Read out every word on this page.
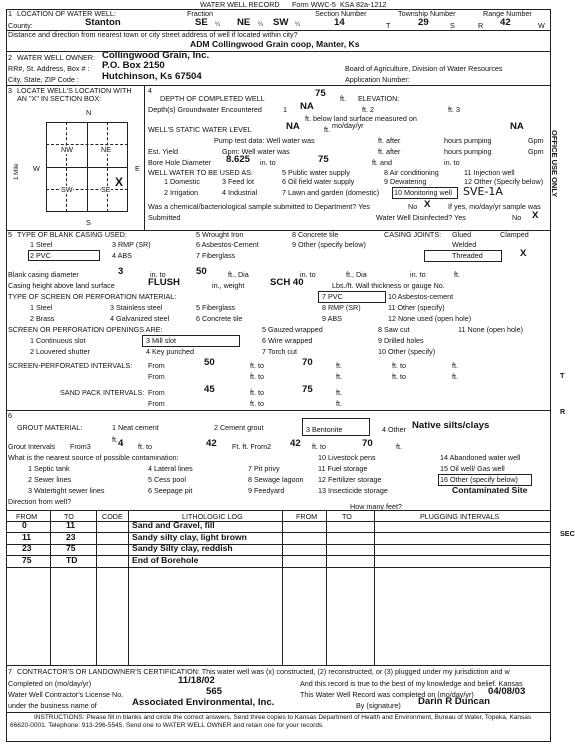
WATER WELL RECORD Form WWC-5 KSA 82a-1212
1 LOCATION OF WATER WELL:	Fraction	Section Number	Township Number	Range Number
County:	Stanton	SE ¼ NE ¼ SW ¼	14	T	29	S	R 42	W
Distance and direction from nearest town or city street address of well if located within city?
ADM Collingwood Grain coop, Manter, Ks
2 WATER WELL OWNER: Collingwood Grain, Inc.
RR#, St. Address, Box # : P.O. Box 2150
City, State, ZIP Code : Hutchinson, Ks 67504
Board of Agriculture, Division of Water Resources
Application Number:
3 LOCATE WELL'S LOCATION WITH AN "X" IN SECTION BOX:
N
S
W	E
1 Mile
NW	NE
SW	SE
X
4
DEPTH OF COMPLETED WELL	75 ft. ELEVATION:
Depth(s) Groundwater Encountered	1 NA	ft. 2	ft. 3
ft. below land surface measured on
WELL'S STATIC WATER LEVEL	NA	ft.	NA
mo/day/yr
Pump test data: Well water was	ft. after	hours pumping	Gpm
Est. Yield	Gpm: Well water was	ft. after	hours pumping	Gpm
Bore Hole Diameter 8.625 in. to	75	ft. and	in. to
WELL WATER TO BE USED AS:
1 Domestic	3 Feed lot
5 Public water supply	8 Air conditioning	11 Injection well
2 Irrigation	4 Industrial
6 Oil field water supply	9 Dewatering	12 Other (Specify below)
7 Lawn and garden (domestic) 10 Monitoring well SVE-1A
Was a chemical/bacteriological sample submitted to Department? Yes	No X If yes, mo/day/yr sample was
Submitted	Water Well Disinfected? Yes	No X
5 TYPE OF BLANK CASING USED:
1 Steel	3 RMP (SR)
2 PVC	4 ABS
5 Wrought Iron
6 Asbestos-Cement
7 Fiberglass
8 Concrete tile
9 Other (specify below)
CASING JOINTS: Glued	Clamped
Welded
Threaded	X
Blank casing diameter	3	in. to	50	ft., Dia	in. to	ft., Dia	in. to	ft.
Casing height above land surface	FLUSH	in., weight	SCH 40	Lbs./ft. Wall thickness or gauge No.
TYPE OF SCREEN OR PERFORATION MATERIAL:
1 Steel	3 Stainless steel	5 Fiberglass
7 PVC	10 Asbestos-cement
2 Brass	4 Galvanized steel	6 Concrete tile
8 RMP (SR)	11 Other (specify)
9 ABS	12 None used (open hole)
SCREEN OR PERFORATION OPENINGS ARE:
1 Continuous slot	3 Mill slot
5 Gauzed wrapped	8 Saw cut	11 None (open hole)
2 Louvered shutter	4 Key punched
6 Wire wrapped	9 Drilled holes
7 Torch cut	10 Other (specify)
SCREEN-PERFORATED INTERVALS: From	50	ft. to	70	ft.
From	ft. to	ft.
ft. to	ft.
ft. to	ft.
SAND PACK INTERVALS: From	45	ft. to	75	ft.
From	ft. to	ft.
6
GROUT MATERIAL:	1 Neat cement	2 Cement grout	3 Bentonite	4 Other Native silts/clays
ft.
Grout Intervals From3	4 ft. to	42 Ft. ft. From2 42 ft. to	70	ft.
What is the nearest source of possible contamination:
1 Septic tank	4 Lateral lines	7 Pit privy
10 Livestock pens	14 Abandoned water well
2 Sewer lines	5 Cess pool	8 Sewage lagoon
11 Fuel storage	15 Oil well/ Gas well
3 Watertight sewer lines	6 Seepage pit	9 Feedyard
12 Fertilizer storage	16 Other (specify below)
13 Insecticide storage	Contaminated Site
Direction from well?
How many feet?
FROM	TO	CODE	LITHOLOGIC LOG	FROM	TO	PLUGGING INTERVALS
0	11	Sand and Gravel, fill
11	23	Sandy silty clay, light brown
23	75	Sandy Silty clay, reddish
75	TD	End of Borehole
7 CONTRACTOR'S OR LANDOWNER'S CERTIFICATION: This water well was (x) constructed, (2) reconstructed, or (3) plugged under my jurisdiction and w
Completed on (mo/day/yr)	11/18/02	And this record is true to the best of my knowledge and belief. Kansas
Water Well Contractor's License No.	565	This Water Well Record was completed on (mo/day/yr) 04/08/03
under the business name of	Associated Environmental, Inc.	By (signature) Darin R Duncan
INSTRUCTIONS: Please fill in blanks and circle the correct answers. Send three copies to Kansas Department of Health and Environment, Bureau of Water, Topeka, Kansas 66620-0001. Telephone: 913-296-5545. Send one to WATER WELL OWNER and retain one for your records.
OFFICE USE ONLY
T
R
SEC
